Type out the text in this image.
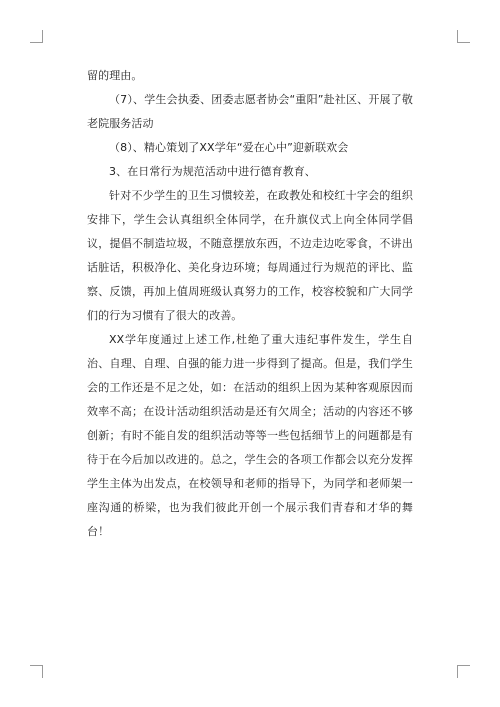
留的理由。

（7）、学生会执委、团委志愿者协会“重阳”赴社区、开展了敬老院服务活动

（8）、精心策划了XX学年“爱在心中”迎新联欢会

3、在日常行为规范活动中进行德育教育、

针对不少学生的卫生习惯较差，在政教处和校红十字会的组织安排下，学生会认真组织全体同学，在升旗仪式上向全体同学倡议，提倡不制造垃圾，不随意摆放东西，不边走边吃零食，不讲出话脏话，积极净化、美化身边环境；每周通过行为规范的评比、监察、反馈，再加上值周班级认真努力的工作，校容校貌和广大同学们的行为习惯有了很大的改善。

XX学年度通过上述工作,杜绝了重大违纪事件发生，学生自治、自理、自理、自强的能力进一步得到了提高。但是，我们学生会的工作还是不足之处，如：在活动的组织上因为某种客观原因而效率不高；在设计活动组织活动是还有欠周全；活动的内容还不够创新；有时不能自发的组织活动等等一些包括细节上的问题都是有待于在今后加以改进的。总之，学生会的各项工作都会以充分发挥学生主体为出发点，在校领导和老师的指导下，为同学和老师架一座沟通的桥梁，也为我们彼此开创一个展示我们青春和才华的舞台！
